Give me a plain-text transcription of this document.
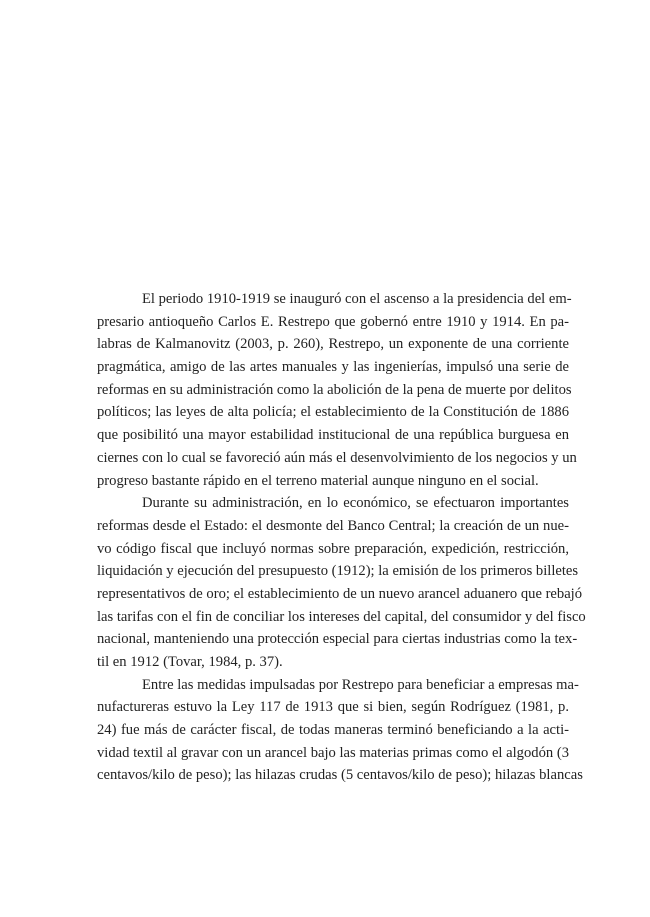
El periodo 1910-1919 se inauguró con el ascenso a la presidencia del em-
presario antioqueño Carlos E. Restrepo que gobernó entre 1910 y 1914. En pa-
labras de Kalmanovitz (2003, p. 260), Restrepo, un exponente de una corriente
pragmática, amigo de las artes manuales y las ingenierías, impulsó una serie de
reformas en su administración como la abolición de la pena de muerte por delitos
políticos; las leyes de alta policía; el establecimiento de la Constitución de 1886
que posibilitó una mayor estabilidad institucional de una república burguesa en
ciernes con lo cual se favoreció aún más el desenvolvimiento de los negocios y un
progreso bastante rápido en el terreno material aunque ninguno en el social.
Durante su administración, en lo económico, se efectuaron importantes
reformas desde el Estado: el desmonte del Banco Central; la creación de un nue-
vo código fiscal que incluyó normas sobre preparación, expedición, restricción,
liquidación y ejecución del presupuesto (1912); la emisión de los primeros billetes
representativos de oro; el establecimiento de un nuevo arancel aduanero que rebajó
las tarifas con el fin de conciliar los intereses del capital, del consumidor y del fisco
nacional, manteniendo una protección especial para ciertas industrias como la tex-
til en 1912 (Tovar, 1984, p. 37).
Entre las medidas impulsadas por Restrepo para beneficiar a empresas ma-
nufactureras estuvo la Ley 117 de 1913 que si bien, según Rodríguez (1981, p.
24) fue más de carácter fiscal, de todas maneras terminó beneficiando a la acti-
vidad textil al gravar con un arancel bajo las materias primas como el algodón (3
centavos/kilo de peso); las hilazas crudas (5 centavos/kilo de peso); hilazas blancas
